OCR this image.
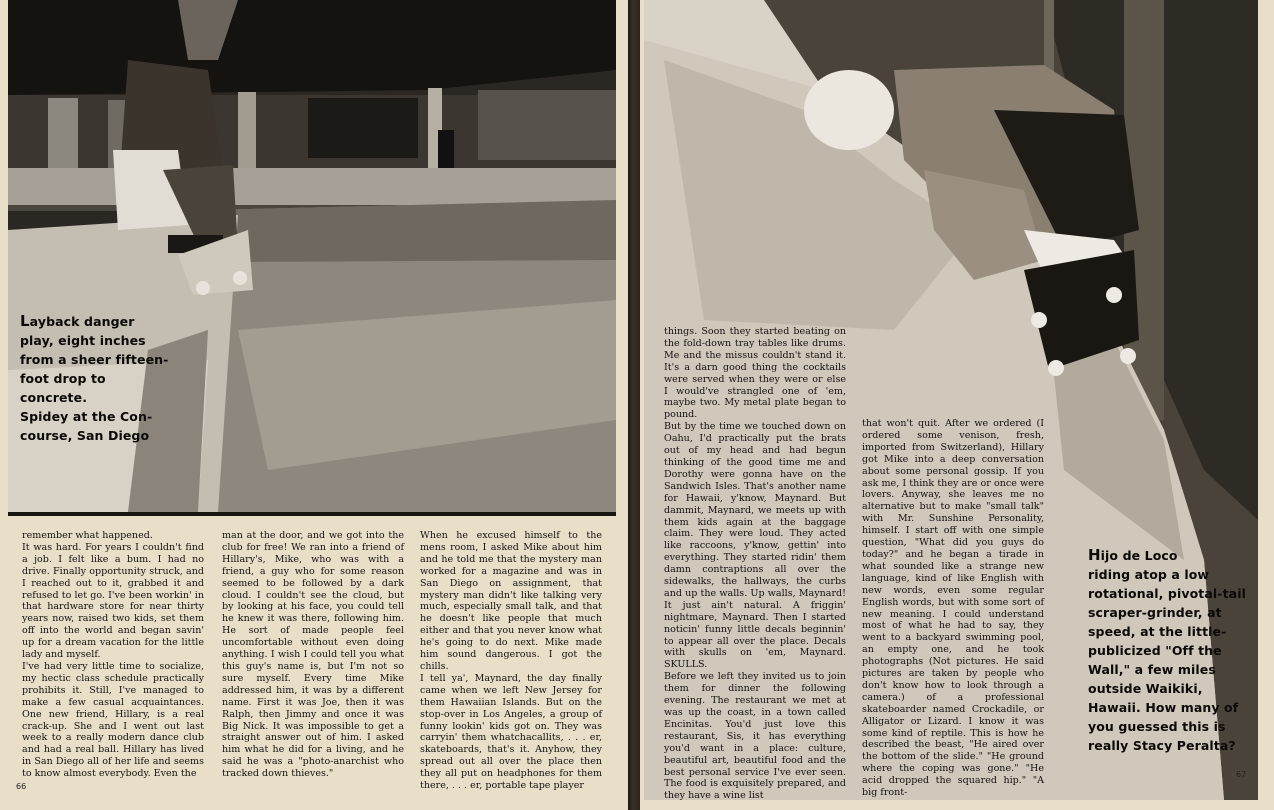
Layback danger
play, eight inches
from a sheer fifteen-
foot drop to concrete.
Spidey at the Con-
course, San Diego
remember what happened.
It was hard. For years I couldn't find a job. I felt like a bum. I had no drive. Finally opportunity struck, and I reached out to it, grabbed it and refused to let go. I've been workin' in that hardware store for near thirty years now, raised two kids, set them off into the world and began savin' up for a dream vacation for the little lady and myself.
I've had very little time to socialize, my hectic class schedule practically prohibits it. Still, I've managed to make a few casual acquaintances. One new friend, Hillary, is a real crack-up. She and I went out last week to a really modern dance club and had a real ball. Hillary has lived in San Diego all of her life and seems to know almost everybody. Even the
man at the door, and we got into the club for free! We ran into a friend of Hillary's, Mike, who was with a friend, a guy who for some reason seemed to be followed by a dark cloud. I couldn't see the cloud, but by looking at his face, you could tell he knew it was there, following him. He sort of made people feel uncomfortable without even doing anything. I wish I could tell you what this guy's name is, but I'm not so sure myself. Every time Mike addressed him, it was by a different name. First it was Joe, then it was Ralph, then Jimmy and once it was Big Nick. It was impossible to get a straight answer out of him. I asked him what he did for a living, and he said he was a "photo-anarchist who tracked down thieves."
When he excused himself to the mens room, I asked Mike about him and he told me that the mystery man worked for a magazine and was in San Diego on assignment, that mystery man didn't like talking very much, especially small talk, and that he doesn't like people that much either and that you never know what he's going to do next. Mike made him sound dangerous. I got the chills.
I tell ya', Maynard, the day finally came when we left New Jersey for them Hawaiian Islands. But on the stop-over in Los Angeles, a group of funny lookin' kids got on. They was carryin' them whatchacallits, . . . er, skateboards, that's it. Anyhow, they spread out all over the place then they all put on headphones for them there, . . . er, portable tape player
66
Hijo de Loco
riding atop a low
rotational, pivotal-tail
scraper-grinder, at
speed, at the little-
publicized "Off the
Wall," a few miles
outside Waikiki,
Hawaii. How many of
you guessed this is
really Stacy Peralta?
things. Soon they started beating on the fold-down tray tables like drums. Me and the missus couldn't stand it. It's a darn good thing the cocktails were served when they were or else I would've strangled one of 'em, maybe two. My metal plate began to pound.
But by the time we touched down on Oahu, I'd practically put the brats out of my head and had begun thinking of the good time me and Dorothy were gonna have on the Sandwich Isles. That's another name for Hawaii, y'know, Maynard. But dammit, Maynard, we meets up with them kids again at the baggage claim. They were loud. They acted like raccoons, y'know, gettin' into everything. They started ridin' them damn contraptions all over the sidewalks, the hallways, the curbs and up the walls. Up walls, Maynard! It just ain't natural. A friggin' nightmare, Maynard. Then I started noticin' funny little decals beginnin' to appear all over the place. Decals with skulls on 'em, Maynard. SKULLS.
Before we left they invited us to join them for dinner the following evening. The restaurant we met at was up the coast, in a town called Encinitas. You'd just love this restaurant, Sis, it has everything you'd want in a place: culture, beautiful art, beautiful food and the best personal service I've ever seen. The food is exquisitely prepared, and they have a wine list
that won't quit. After we ordered (I ordered some venison, fresh, imported from Switzerland), Hillary got Mike into a deep conversation about some personal gossip. If you ask me, I think they are or once were lovers. Anyway, she leaves me no alternative but to make "small talk" with Mr. Sunshine Personality, himself. I start off with one simple question, "What did you guys do today?" and he began a tirade in what sounded like a strange new language, kind of like English with new words, even some regular English words, but with some sort of new meaning. I could understand most of what he had to say, they went to a backyard swimming pool, an empty one, and he took photographs (Not pictures. He said pictures are taken by people who don't know how to look through a camera.) of a professional skateboarder named Crockadile, or Alligator or Lizard. I know it was some kind of reptile. This is how he described the beast, "He aired over the bottom of the slide." "He ground where the coping was gone." "He acid dropped the squared hip." "A big front-
67
